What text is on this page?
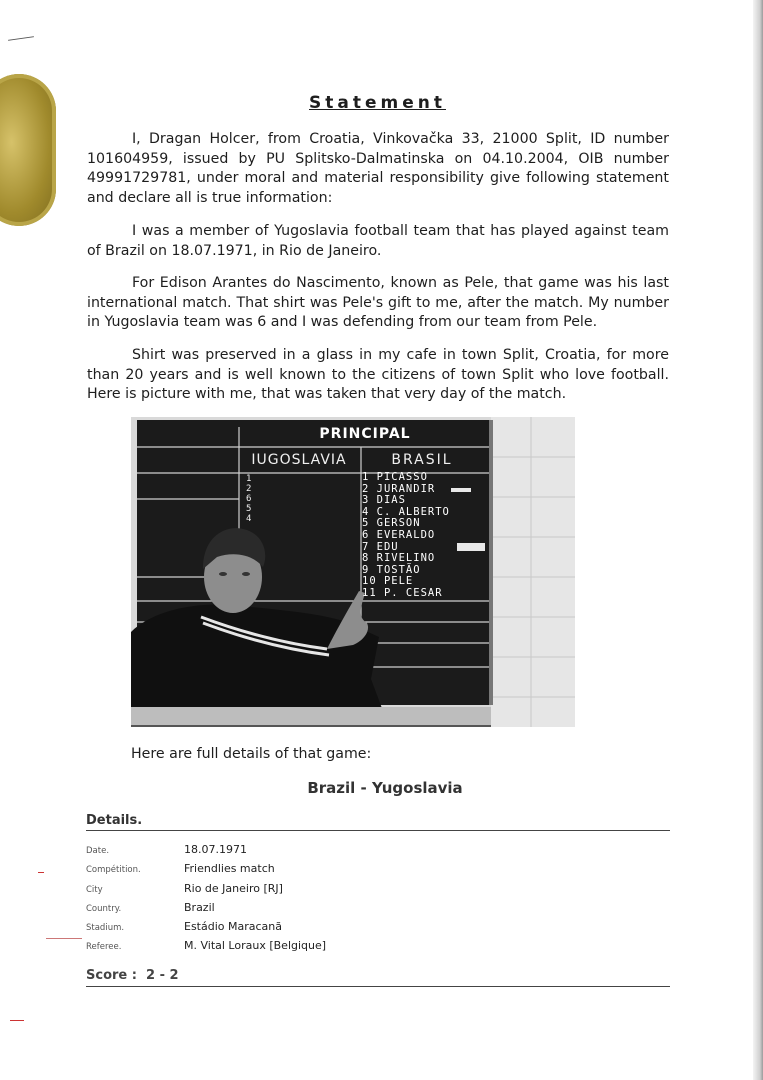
Statement

I, Dragan Holcer, from Croatia, Vinkovačka 33, 21000 Split, ID number 101604959, issued by PU Splitsko-Dalmatinska on 04.10.2004, OIB number 49991729781, under moral and material responsibility give following statement and declare all is true information:

I was a member of Yugoslavia football team that has played against team of Brazil on 18.07.1971, in Rio de Janeiro.

For Edison Arantes do Nascimento, known as Pele, that game was his last international match. That shirt was Pele's gift to me, after the match. My number in Yugoslavia team was 6 and I was defending from our team from Pele.

Shirt was preserved in a glass in my cafe in town Split, Croatia, for more than 20 years and is well known to the citizens of town Split who love football. Here is picture with me, that was taken that very day of the match.

PRINCIPAL
IUGOSLAVIA	BRASIL
1
2
6
5
4
1 PICASSO
2 JURANDIR
3 DIAS
4 C. ALBERTO
5 GERSON
6 EVERALDO
7 EDU
8 RIVELINO
9 TOSTÃO
10 PELE
11 P. CESAR
Here are full details of that game:
Brazil - Yugoslavia
Details.
Date.	18.07.1971
Compétition.	Friendlies match
City	Rio de Janeiro [RJ]
Country.	Brazil
Stadium.	Estádio Maracanã
Referee.	M. Vital Loraux [Belgique]
Score : 2 - 2
